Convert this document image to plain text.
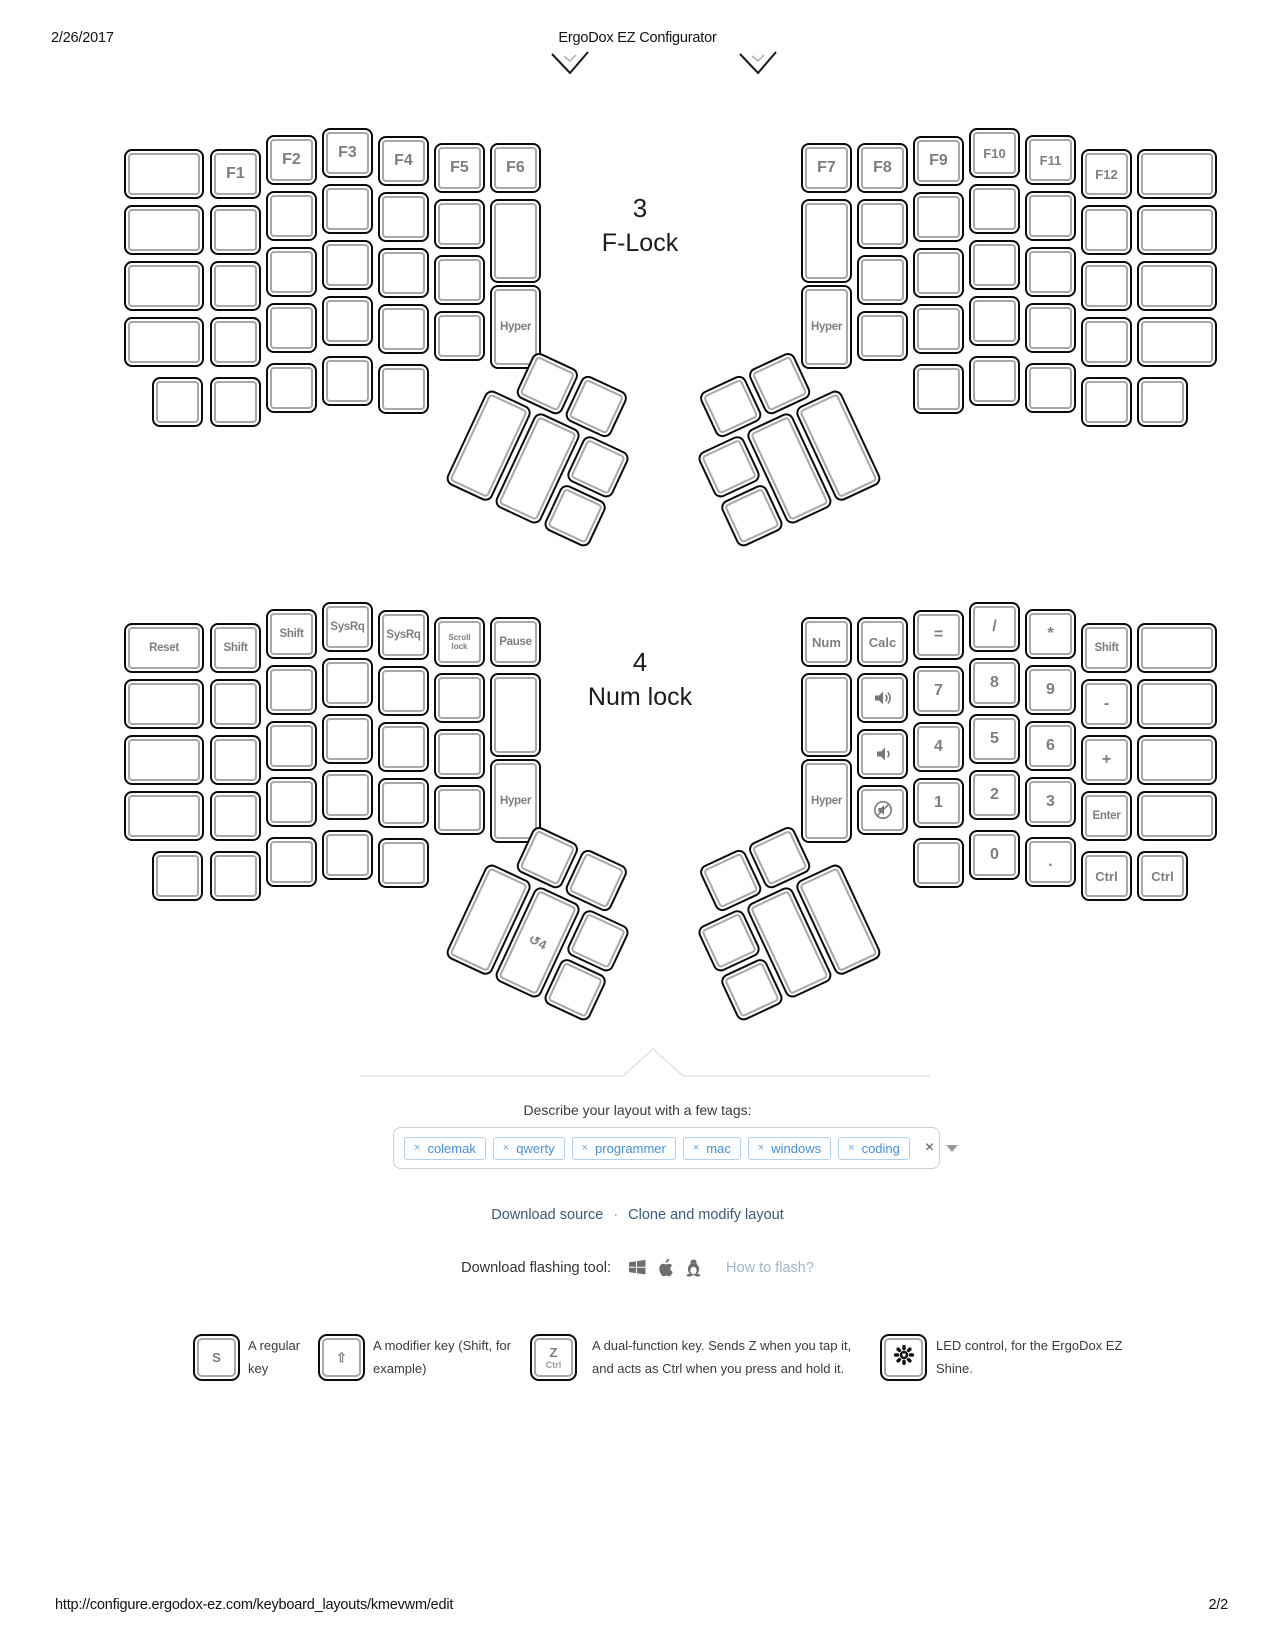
2/26/2017	ErgoDox EZ Configurator
3
F-Lock
4
Num lock
F1
F2	F3	F4	F5	F6
Hyper
F12
F11
F10
F9
F8
F7
Hyper
Reset	Shift
Shift
SysRq
SysRq	Scroll
lock	Pause
Hyper
↺4
Ctrl
Shift
-
+
Enter
Ctrl
*
9
6
3
.
/
8
5
2
0
=
7
4
1
Calc
Num
Hyper
Describe your layout with a few tags:
× colemak × qwerty × programmer × mac × windows × coding ×
Download source · Clone and modify layout
Download flashing tool:	How to flash?
S
A regular
key
⇧
A modifier key (Shift, for
example)
Z
Ctrl
A dual-function key. Sends Z when you tap it,
and acts as Ctrl when you press and hold it.
LED control, for the ErgoDox EZ
Shine.
http://configure.ergodox-ez.com/keyboard_layouts/kmevwm/edit	2/2
